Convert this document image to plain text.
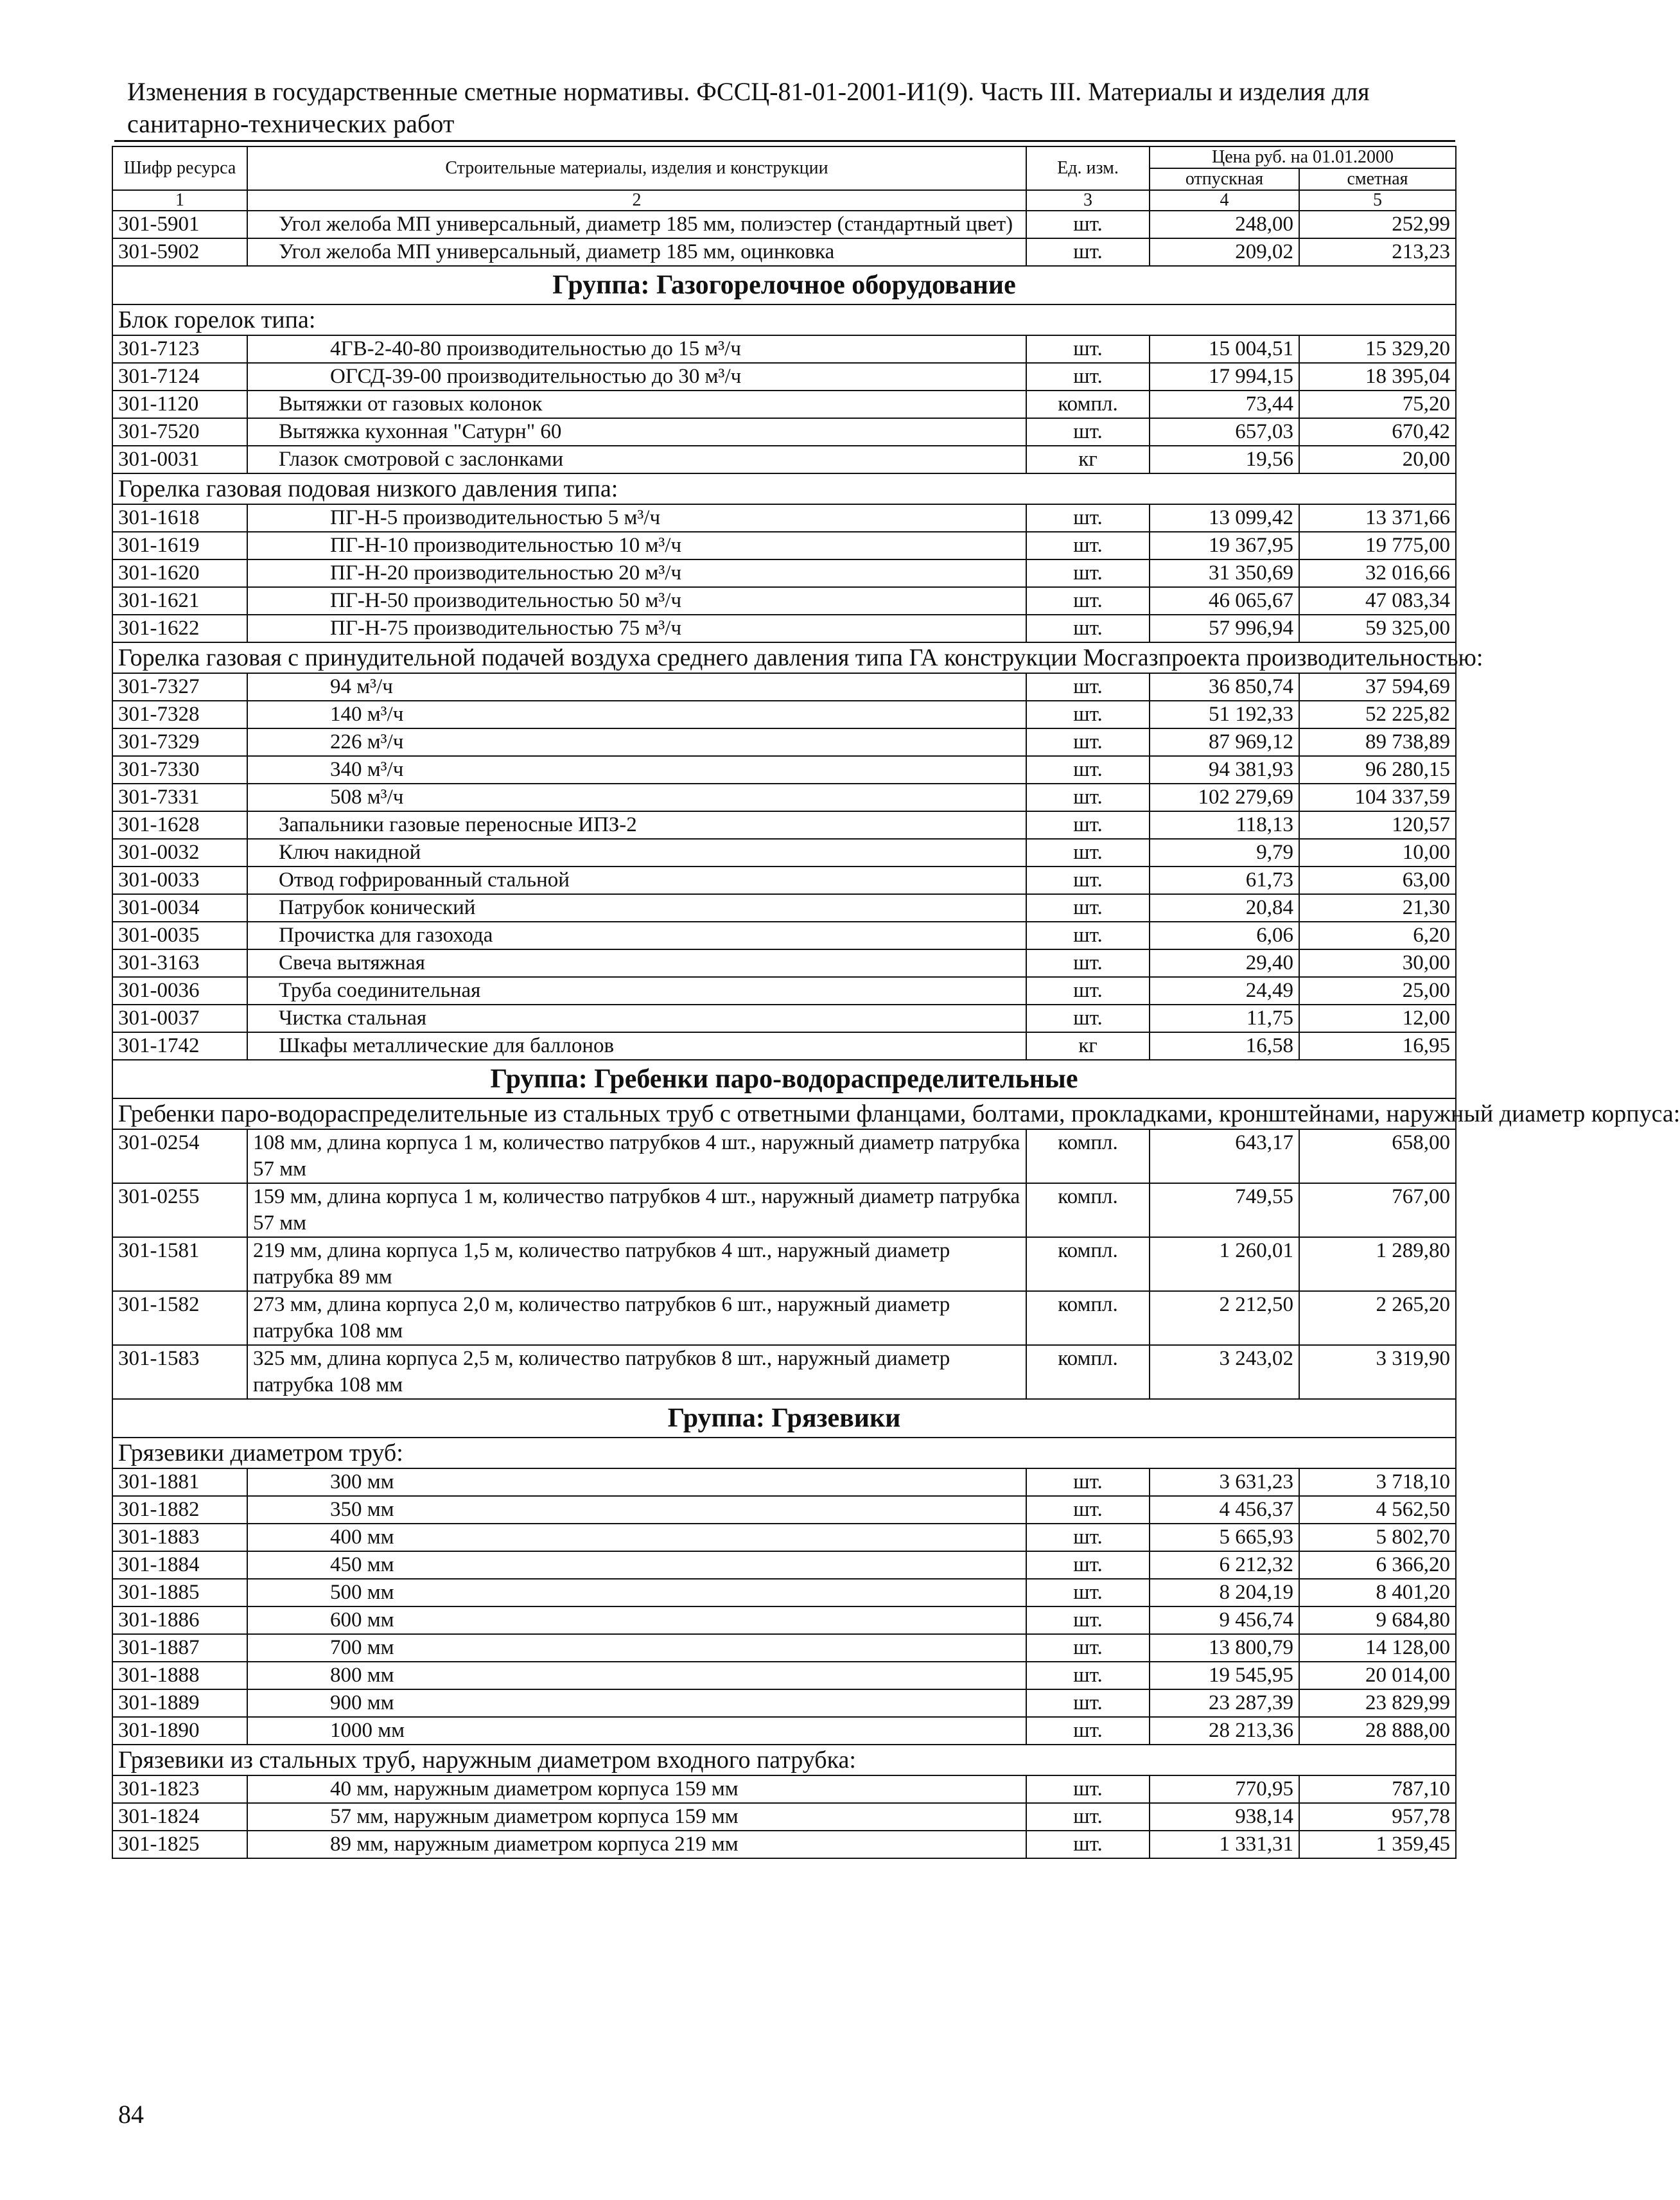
Изменения в государственные сметные нормативы. ФССЦ-81-01-2001-И1(9). Часть III. Материалы и изделия для санитарно-технических работ
Шифр ресурса	Строительные материалы, изделия и конструкции	Ед. изм.	Цена руб. на 01.01.2000	
			отпускная	сметная
1	2	3	4	5
301-5901	Угол желоба МП универсальный, диаметр 185 мм, полиэстер (стандартный цвет)	шт.	248,00	252,99
301-5902	Угол желоба МП универсальный, диаметр 185 мм, оцинковка	шт.	209,02	213,23
Группа: Газогорелочное оборудование				
Блок горелок типа:				
301-7123	4ГВ-2-40-80 производительностью до 15 м³/ч	шт.	15 004,51	15 329,20
301-7124	ОГСД-39-00 производительностью до 30 м³/ч	шт.	17 994,15	18 395,04
301-1120	Вытяжки от газовых колонок	компл.	73,44	75,20
301-7520	Вытяжка кухонная "Сатурн" 60	шт.	657,03	670,42
301-0031	Глазок смотровой с заслонками	кг	19,56	20,00
Горелка газовая подовая низкого давления типа:				
301-1618	ПГ-Н-5 производительностью 5 м³/ч	шт.	13 099,42	13 371,66
301-1619	ПГ-Н-10 производительностью 10 м³/ч	шт.	19 367,95	19 775,00
301-1620	ПГ-Н-20 производительностью 20 м³/ч	шт.	31 350,69	32 016,66
301-1621	ПГ-Н-50 производительностью 50 м³/ч	шт.	46 065,67	47 083,34
301-1622	ПГ-Н-75 производительностью 75 м³/ч	шт.	57 996,94	59 325,00
Горелка газовая с принудительной подачей воздуха среднего давления типа ГА конструкции Мосгазпроекта производительностью:				
301-7327	94 м³/ч	шт.	36 850,74	37 594,69
301-7328	140 м³/ч	шт.	51 192,33	52 225,82
301-7329	226 м³/ч	шт.	87 969,12	89 738,89
301-7330	340 м³/ч	шт.	94 381,93	96 280,15
301-7331	508 м³/ч	шт.	102 279,69	104 337,59
301-1628	Запальники газовые переносные ИПЗ-2	шт.	118,13	120,57
301-0032	Ключ накидной	шт.	9,79	10,00
301-0033	Отвод гофрированный стальной	шт.	61,73	63,00
301-0034	Патрубок конический	шт.	20,84	21,30
301-0035	Прочистка для газохода	шт.	6,06	6,20
301-3163	Свеча вытяжная	шт.	29,40	30,00
301-0036	Труба соединительная	шт.	24,49	25,00
301-0037	Чистка стальная	шт.	11,75	12,00
301-1742	Шкафы металлические для баллонов	кг	16,58	16,95
Группа: Гребенки паро-водораспределительные				
Гребенки паро-водораспределительные из стальных труб с ответными фланцами, болтами, прокладками, кронштейнами, наружный диаметр корпуса:				
301-0254	108 мм, длина корпуса 1 м, количество патрубков 4 шт., наружный диаметр патрубка 57 мм	компл.	643,17	658,00
301-0255	159 мм, длина корпуса 1 м, количество патрубков 4 шт., наружный диаметр патрубка 57 мм	компл.	749,55	767,00
301-1581	219 мм, длина корпуса 1,5 м, количество патрубков 4 шт., наружный диаметр патрубка 89 мм	компл.	1 260,01	1 289,80
301-1582	273 мм, длина корпуса 2,0 м, количество патрубков 6 шт., наружный диаметр патрубка 108 мм	компл.	2 212,50	2 265,20
301-1583	325 мм, длина корпуса 2,5 м, количество патрубков 8 шт., наружный диаметр патрубка 108 мм	компл.	3 243,02	3 319,90
Группа: Грязевики				
Грязевики диаметром труб:				
301-1881	300 мм	шт.	3 631,23	3 718,10
301-1882	350 мм	шт.	4 456,37	4 562,50
301-1883	400 мм	шт.	5 665,93	5 802,70
301-1884	450 мм	шт.	6 212,32	6 366,20
301-1885	500 мм	шт.	8 204,19	8 401,20
301-1886	600 мм	шт.	9 456,74	9 684,80
301-1887	700 мм	шт.	13 800,79	14 128,00
301-1888	800 мм	шт.	19 545,95	20 014,00
301-1889	900 мм	шт.	23 287,39	23 829,99
301-1890	1000 мм	шт.	28 213,36	28 888,00
Грязевики из стальных труб, наружным диаметром входного патрубка:				
301-1823	40 мм, наружным диаметром корпуса 159 мм	шт.	770,95	787,10
301-1824	57 мм, наружным диаметром корпуса 159 мм	шт.	938,14	957,78
301-1825	89 мм, наружным диаметром корпуса 219 мм	шт.	1 331,31	1 359,45
84
